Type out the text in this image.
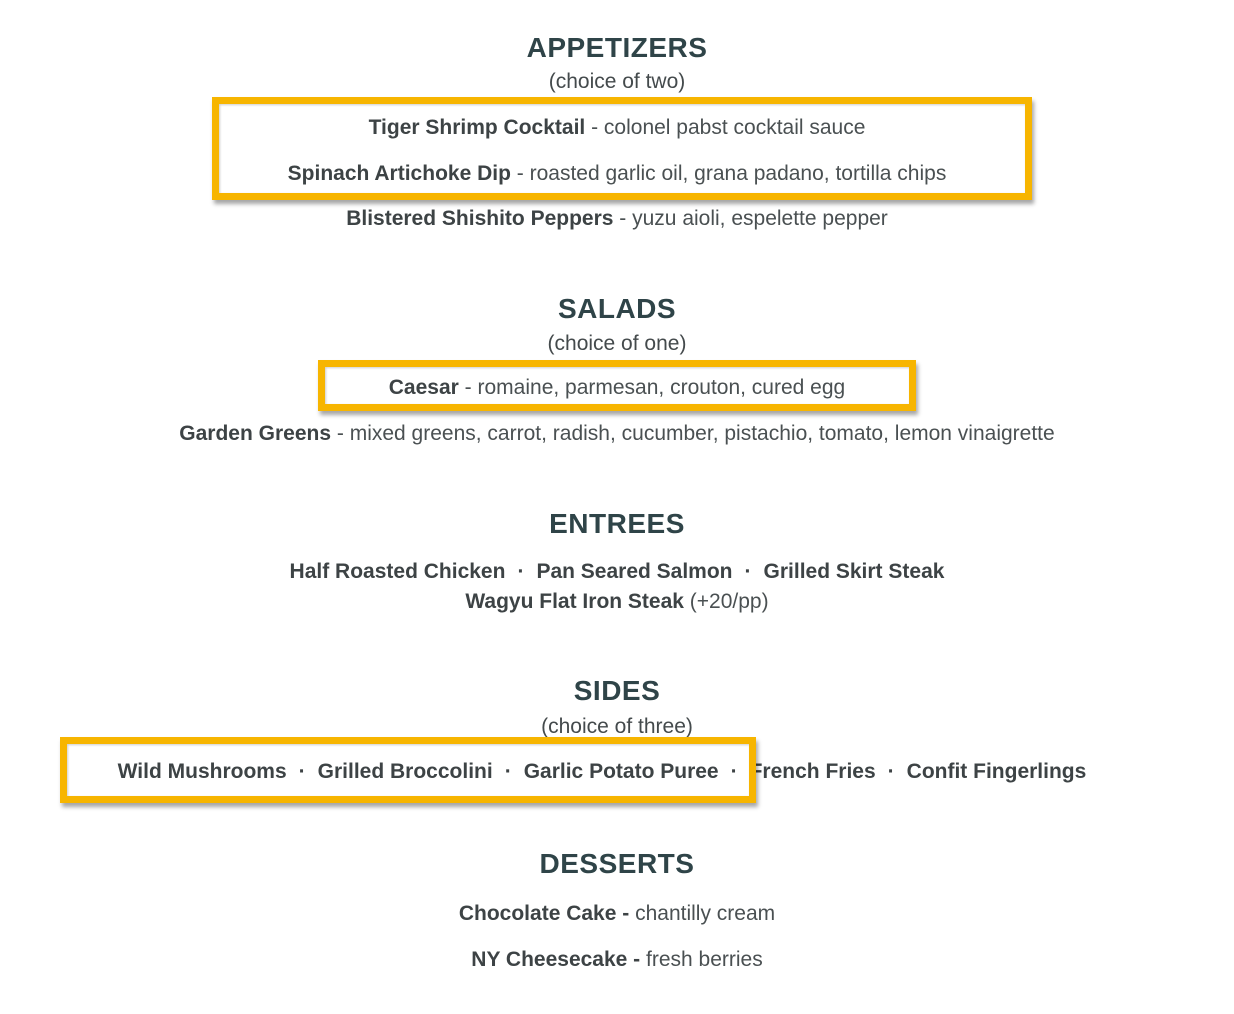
APPETIZERS
(choice of two)
Tiger Shrimp Cocktail - colonel pabst cocktail sauce
Spinach Artichoke Dip - roasted garlic oil, grana padano, tortilla chips
Blistered Shishito Peppers - yuzu aioli, espelette pepper
SALADS
(choice of one)
Caesar - romaine, parmesan, crouton, cured egg
Garden Greens - mixed greens, carrot, radish, cucumber, pistachio, tomato, lemon vinaigrette
ENTREES
Half Roasted Chicken · Pan Seared Salmon · Grilled Skirt Steak
Wagyu Flat Iron Steak (+20/pp)
SIDES
(choice of three)
Wild Mushrooms · Grilled Broccolini · Garlic Potato Puree · French Fries · Confit Fingerlings
DESSERTS
Chocolate Cake - chantilly cream
NY Cheesecake - fresh berries
